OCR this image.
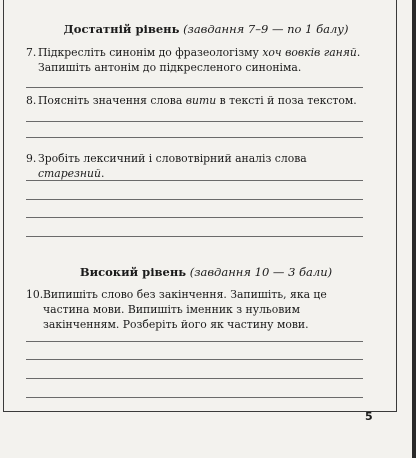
Достатній рівень (завдання 7–9 — по 1 балу)
7. Підкресліть синонім до фразеологізму хоч вовків ганяй. Запишіть антонім до підкресленого синоніма.
8. Поясніть значення слова вити в тексті й поза текстом.
9. Зробіть лексичний і словотвірний аналіз слова старезний.
Високий рівень (завдання 10 — 3 бали)
10. Випишіть слово без закінчення. Запишіть, яка це частина мови. Випишіть іменник з нульовим закінченням. Розберіть його як частину мови.
5
